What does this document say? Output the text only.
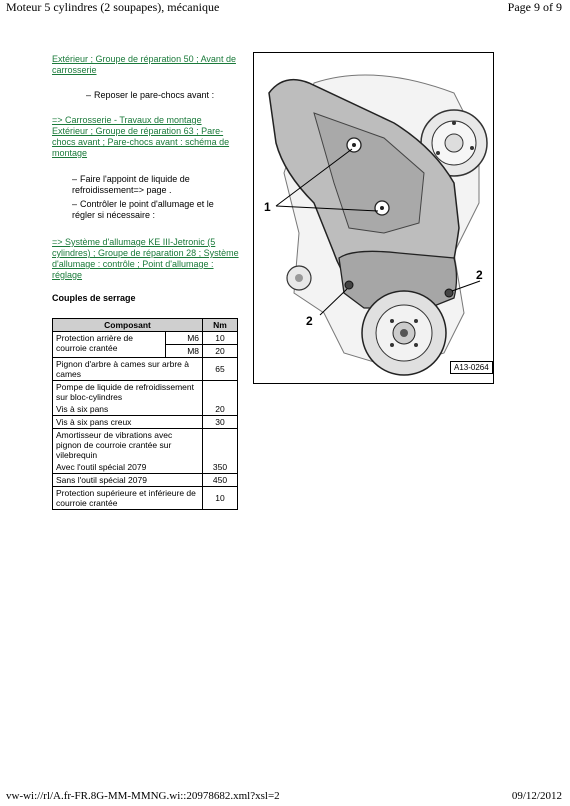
Moteur 5 cylindres (2 soupapes), mécanique	Page 9 of 9
Extérieur ; Groupe de réparation 50 ; Avant de carrosserie
– Reposer le pare-chocs avant :
=> Carrosserie - Travaux de montage Extérieur ; Groupe de réparation 63 ; Pare-chocs avant ; Pare-chocs avant : schéma de montage
– Faire l'appoint de liquide de refroidissement=> page .
– Contrôler le point d'allumage et le régler si nécessaire :
=> Système d'allumage KE III-Jetronic (5 cylindres) ; Groupe de réparation 28 ; Système d'allumage : contrôle ; Point d'allumage : réglage
Couples de serrage
Composant		Nm
Protection arrière de courroie crantée	M6	10
	M8	20
Pignon d'arbre à cames sur arbre à cames		65
Pompe de liquide de refroidissement sur bloc-cylindres		
Vis à six pans		20
Vis à six pans creux		30
Amortisseur de vibrations avec pignon de courroie crantée sur vilebrequin		
Avec l'outil spécial 2079		350
Sans l'outil spécial 2079		450
Protection supérieure et inférieure de courroie crantée		10
1
2
2
A13-0264
vw-wi://rl/A.fr-FR.8G-MM-MMNG.wi::20978682.xml?xsl=2	09/12/2012
